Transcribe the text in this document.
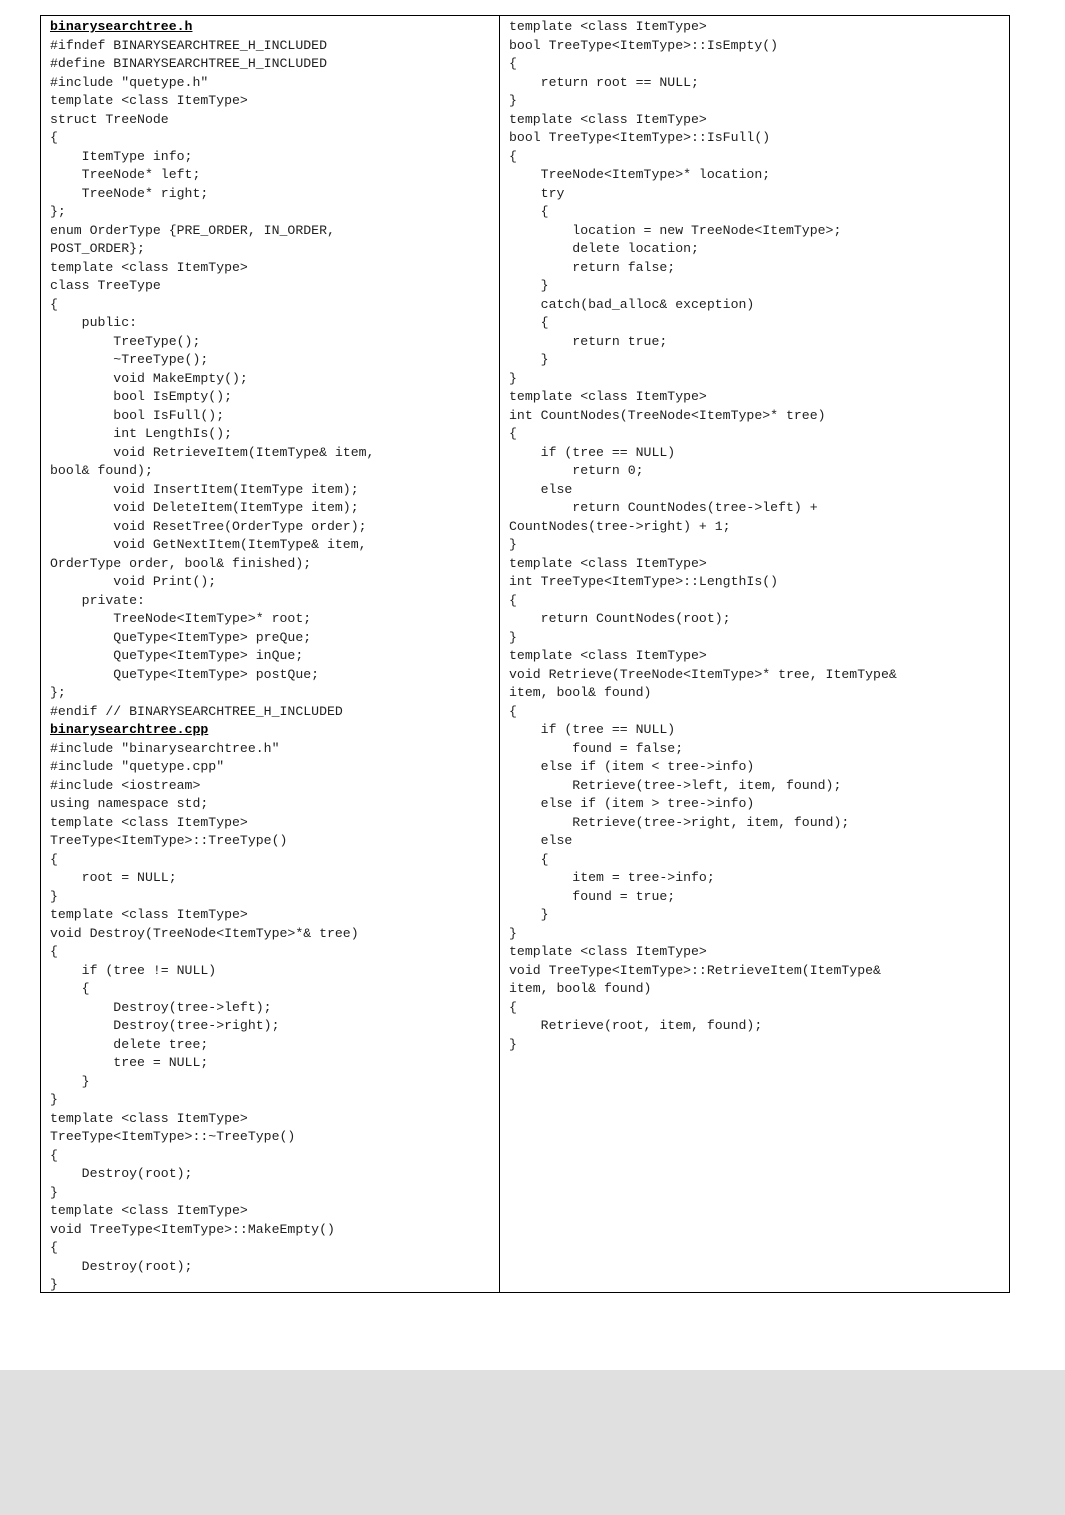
binarysearchtree.h
#ifndef BINARYSEARCHTREE_H_INCLUDED
#define BINARYSEARCHTREE_H_INCLUDED
#include "quetype.h"
template <class ItemType>
struct TreeNode
{
ItemType info;
TreeNode* left;
TreeNode* right;
};
enum OrderType {PRE_ORDER, IN_ORDER,
POST_ORDER};
template <class ItemType>
class TreeType
{
public:
TreeType();
~TreeType();
void MakeEmpty();
bool IsEmpty();
bool IsFull();
int LengthIs();
void RetrieveItem(ItemType& item,
bool& found);
void InsertItem(ItemType item);
void DeleteItem(ItemType item);
void ResetTree(OrderType order);
void GetNextItem(ItemType& item,
OrderType order, bool& finished);
void Print();
private:
TreeNode<ItemType>* root;
QueType<ItemType> preQue;
QueType<ItemType> inQue;
QueType<ItemType> postQue;
};
#endif // BINARYSEARCHTREE_H_INCLUDED
binarysearchtree.cpp
#include "binarysearchtree.h"
#include "quetype.cpp"
#include <iostream>
using namespace std;
template <class ItemType>
TreeType<ItemType>::TreeType()
{
root = NULL;
}
template <class ItemType>
void Destroy(TreeNode<ItemType>*& tree)
{
if (tree != NULL)
{
Destroy(tree->left);
Destroy(tree->right);
delete tree;
tree = NULL;
}
}
template <class ItemType>
TreeType<ItemType>::~TreeType()
{
Destroy(root);
}
template <class ItemType>
void TreeType<ItemType>::MakeEmpty()
{
Destroy(root);
}
template <class ItemType>
bool TreeType<ItemType>::IsEmpty()
{
return root == NULL;
}
template <class ItemType>
bool TreeType<ItemType>::IsFull()
{
TreeNode<ItemType>* location;
try
{
location = new TreeNode<ItemType>;
delete location;
return false;
}
catch(bad_alloc& exception)
{
return true;
}
}
template <class ItemType>
int CountNodes(TreeNode<ItemType>* tree)
{
if (tree == NULL)
return 0;
else
return CountNodes(tree->left) +
CountNodes(tree->right) + 1;
}
template <class ItemType>
int TreeType<ItemType>::LengthIs()
{
return CountNodes(root);
}
template <class ItemType>
void Retrieve(TreeNode<ItemType>* tree, ItemType&
item, bool& found)
{
if (tree == NULL)
found = false;
else if (item < tree->info)
Retrieve(tree->left, item, found);
else if (item > tree->info)
Retrieve(tree->right, item, found);
else
{
item = tree->info;
found = true;
}
}
template <class ItemType>
void TreeType<ItemType>::RetrieveItem(ItemType&
item, bool& found)
{
Retrieve(root, item, found);
}
